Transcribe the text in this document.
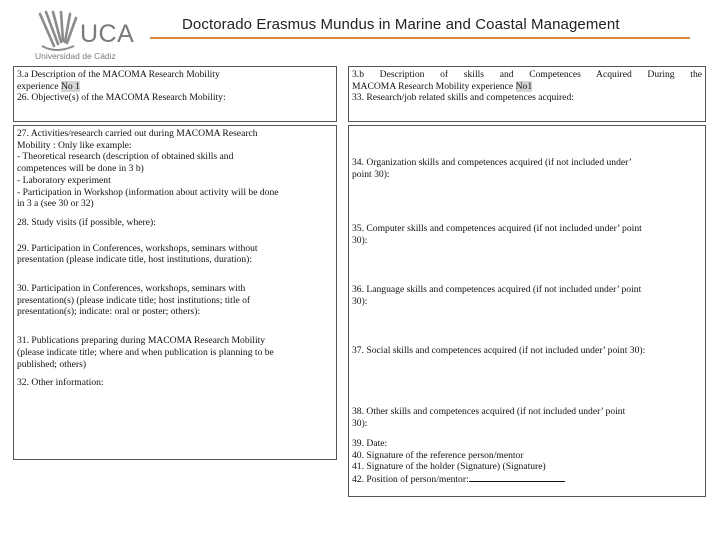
UCA
Universidad de Cádiz
Doctorado Erasmus Mundus in Marine and Coastal Management

3.a Description of the MACOMA Research Mobility

experience No 1

26. Objective(s) of the MACOMA Research Mobility:

27. Activities/research carried out during MACOMA Research

Mobility : Only like example:

- Theoretical research (description of obtained skills and

competences will be done in 3 b)

- Laboratory experiment

- Participation in Workshop (information about activity will be done

in 3 a (see 30 or 32)

28. Study visits (if possible, where):

29. Participation in Conferences, workshops, seminars without

presentation (please indicate title, host institutions, duration):

30. Participation in Conferences, workshops, seminars with

presentation(s) (please indicate title; host institutions; title of

presentation(s); indicate: oral or poster; others):

31. Publications preparing during MACOMA Research Mobility

(please indicate title; where and when publication is planning to be

published; others)

32. Other information:

3.b Description of skills and Competences Acquired During the

MACOMA Research Mobility experience No1

33. Research/job related skills and competences acquired:

34. Organization skills and competences acquired (if not included under’

point 30):

35. Computer skills and competences acquired (if not included under’ point

30):

36. Language skills and competences acquired (if not included under’ point

30):

37. Social skills and competences acquired (if not included under’ point 30):

38. Other skills and competences acquired (if not included under’ point

30):

39. Date:

40. Signature of the reference person/mentor

41. Signature of the holder (Signature) (Signature)

42. Position of person/mentor:
